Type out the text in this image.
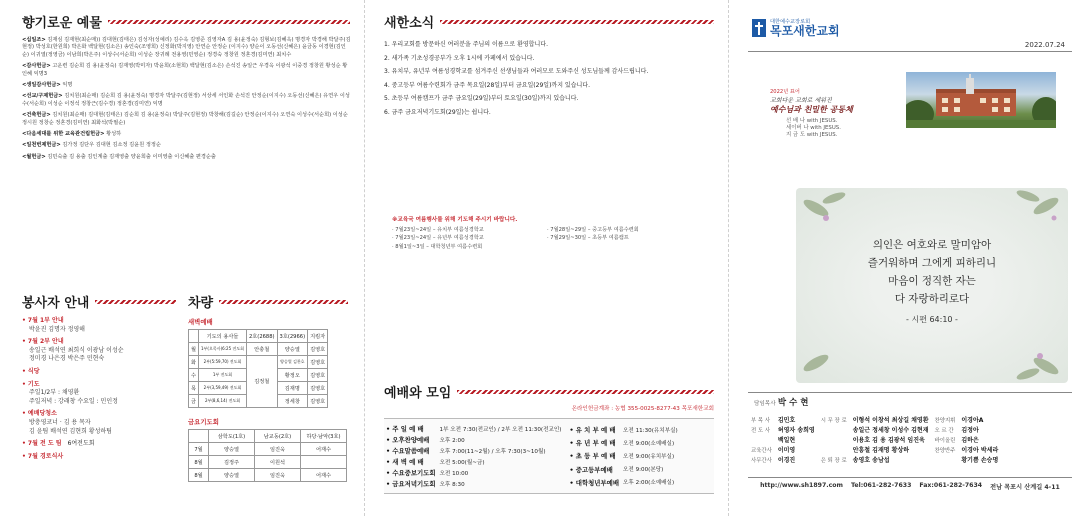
향기로운 예물
<십일조> 김재심 김재현(최순매)) 김대현(김태은) 김성자(성예리) 김수옥 김영준 김영자A 김 용(윤정숙) 김형보(김혜옥) 명경자 박경해 박달주(김현정) 박성호(한원희) 박은화 백달현(김소은) 송인숙(조영희) 신정화(박지영) 안연순 안정순 (이지수) 양순이 오동선(신혜은) 윤금동 이경현(김인순) 이귀열(정영금) 이남희(박은주) 이상수(서순희) 이성순 장귀례 전용영(민영순) 정경숙 정창원 정혼경(김미연) 최치수
<감사헌금> 고운련 김순희 김 용(윤정숙) 김재영(박미자) 박윤희(소현희) 백달현(김소은) 손석진 송일근 우경옥 이광석 이중경 정창원 황성순 황인혜 익명3
<생일감사헌금> 익명
<선교/구제헌금> 김치원(최순매) 김순희 김 용(윤정숙) 명경자 박달주(김현정) 서상세 서인화 손석진 안정순(이지수) 오동선(신혜은) 유연우 이성수(서순희) 이성순 이정석 정창근(김수경) 정혼경(김미연) 익명
<건축헌금> 김치원(최순매) 김대현(김태은) 김순희 김 용(윤정숙) 박달주(김현정) 박창해(김길순) 안정순(이지수) 오연숙 이성수(서순희) 이성순 정시원 정창순 정혼경(김미연) 최화석(박필순)
<다음세대를 위한 교육관건립헌금> 황성하
<일천번제헌금> 김가정 김단우 김대현 김소정 김윤원 정정순
<월헌금> 김민숙출 김 용출 김인계출 김재영출 양윤희출 이미영출 이신혜출 편경순출
봉사자 안내
• 7월 1부 안내
박윤진 김명자 정영해
• 7월 2부 안내
송일근 배석연 최희식 이광남 이성순
정미경 나은경 박은주 민현숙
• 식당
• 기도
주일1/2부 : 채영환
주일저녁 : 강래창 수요일 : 민인정
• 예배당청소
방충영코너 · 김 용 목자
김 윤팀 배석연 김현희 황성하팀
• 7월 전 도 팀 6여전도회
• 7월 경로식사
차량
새벽예배
	기도의 용사들	2호(2688)	3호(2966)	지킴자
월	1부(오목사)6:25 전도회	안충철	양승열	김영호
화	2부(5:59,70) 전도회	김정철	양승열 김찬호	김영호
수	1부 전도회		황정오	김영호
목	2부(3,59,49) 전도회		김재명	김영호
금	2부(8,6,14) 전도회		정세창	김영호
금요기도회
	삼학도(1호)	남교동(2호)	하당·남악(3호)
7월	양승열	임진욱	어재수
8월	김정주	이원석	
8월	양승열	임진욱	어재수
새한소식
1. 우리교회를 방문하신 여러분을 주님의 이름으로 환영합니다.
2. 새가족 기초성경공부가 오후 1시에 카페에서 있습니다.
3. 유치부, 유년부 여름성경학교를 섬겨주신 선생님들과 여러모로 도와주신 성도님들께 감사드립니다.
4. 중고등부 여름수련회가 금주 목요일(28일)부터 금요일(29일)까지 있습니다.
5. 초등부 여름캠프가 금주 금요일(29일)부터 토요일(30일)까지 있습니다.
6. 금주 금요저녁기도회(29일)는 쉽니다.
※교육국 여름행사를 위해 기도해 주시기 바랍니다.
· 7월23일~24일 – 유치부 여름성경학교
· 7월23일~24일 – 유년부 여름성경학교
· 8월1일~3일 – 대학청년부 여름수련회
· 7월28일~29일 – 중고등부 여름수련회
· 7월29일~30일 – 초등부 여름캠프
예배와 모임
온라인헌금계좌 : 농협 355-0025-8277-43 목포새한교회
• 주 일 예 배	1부 오전 7:30(전교인) / 2부 오전 11:30(전교인)
• 오후찬양예배	오후 2:00
• 수요말씀예배	오후 7:00(11~2월) / 오후 7:30(3~10월)
• 새 벽 예 배	오전 5:00(월~금)
• 수요중보기도회	오전 10:00
• 금요저녁기도회	오후 8:30
• 유 치 부 예 배	오전 11:30(유치부실)
• 유 년 부 예 배	오전 9:00(소예배실)
• 초 등 부 예 배	오전 9:00(유치부실)
• 중고등부예배	오전 9:00(본당)
• 대학청년부예배	오후 2:00(소예배실)
대한예수교장로회
목포새한교회
2022.07.24
2022년 표어
교회다운 교회로 세워진
예수님과 친밀한 공동체
선 배 나 with JESUS.
세이버 나 with JESUS.
지 금 도 with JESUS.
의인은 여호와로 말미암아
즐거워하며 그에게 피하리니
마음이 정직한 자는
다 자랑하리로다
- 시편 64:10 -
담임목사 박 수 현
부 목 사	김민호	시 무 장 로	이형석 이창석 최상길 채영환	찬양지휘	이경아A
전 도 사	허영자 송희영		송일근 정세창 이성수 김현재	오 르 간	김정아
	백일현		이용호 김 용 김광석 임진욱	바이올린	김하은
교육간사	이미영		안흥철 김재명 황상하	찬양반주	이경아 박세라
사무간사	이경진	은 퇴 장 로	송영호 송남섭		황기쁨 손승명
http://www.sh1897.com Tel:061-282-7633 Fax:061-282-7634 전남 목포시 산계길 4-11
